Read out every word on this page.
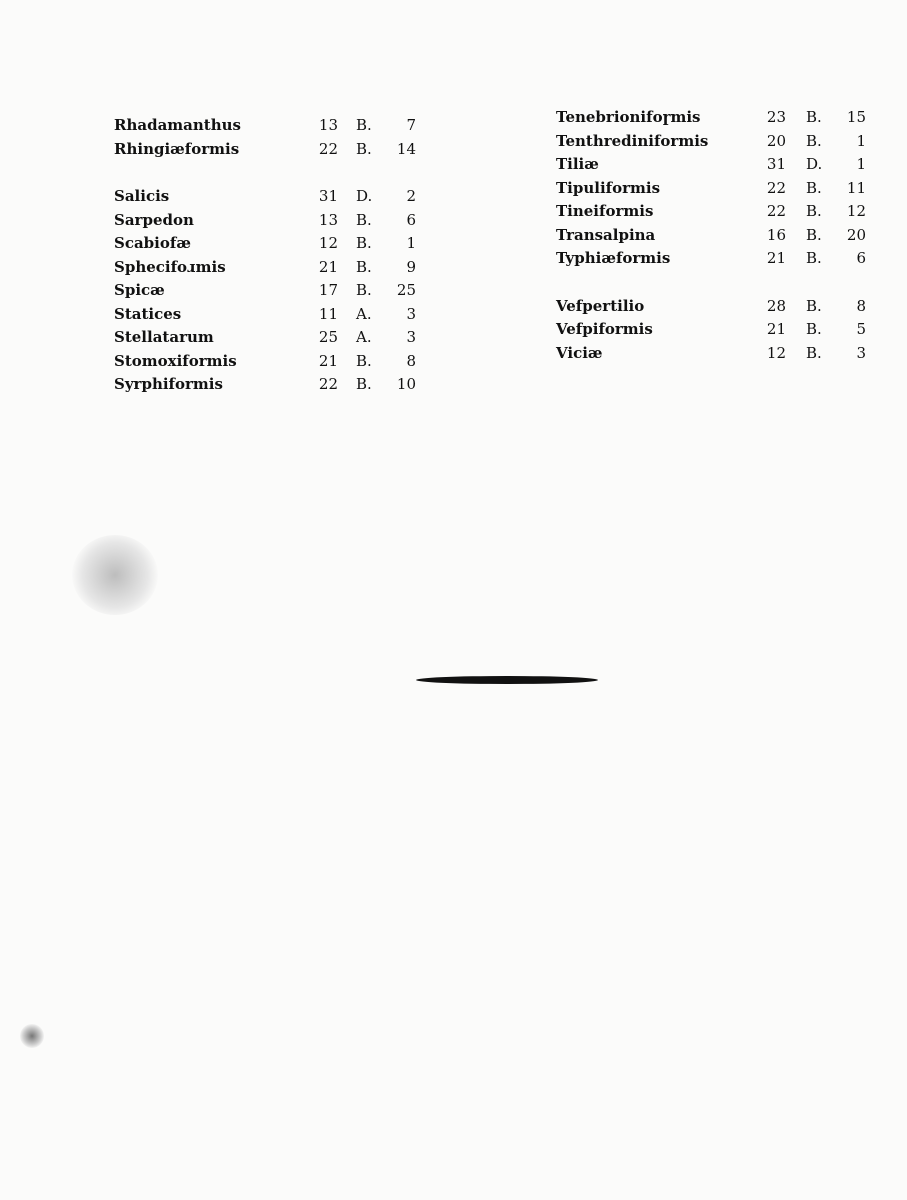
Rhadamanthus	13 B.	7
Rhingiæformis	22 B.	14
Salicis	31 D.	2
Sarpedon	13 B.	6
Scabiofæ	12 B.	1
Sphecifoɹmis	21 B.	9
Spicæ	17 B.	25
Statices	11 A.	3
Stellatarum	25 A.	3
Stomoxiformis	21 B.	8
Syrphiformis	22 B.	10
Tenebrionifoɼmis	23 B.	15
Tenthrediniformis	20 B.	1
Tiliæ	31 D.	1
Tipuliformis	22 B.	11
Tineiformis	22 B.	12
Transalpina	16 B.	20
Typhiæformis	21 B.	6
Vefpertilio	28 B.	8
Vefpiformis	21 B.	5
Viciæ	12 B.	3
